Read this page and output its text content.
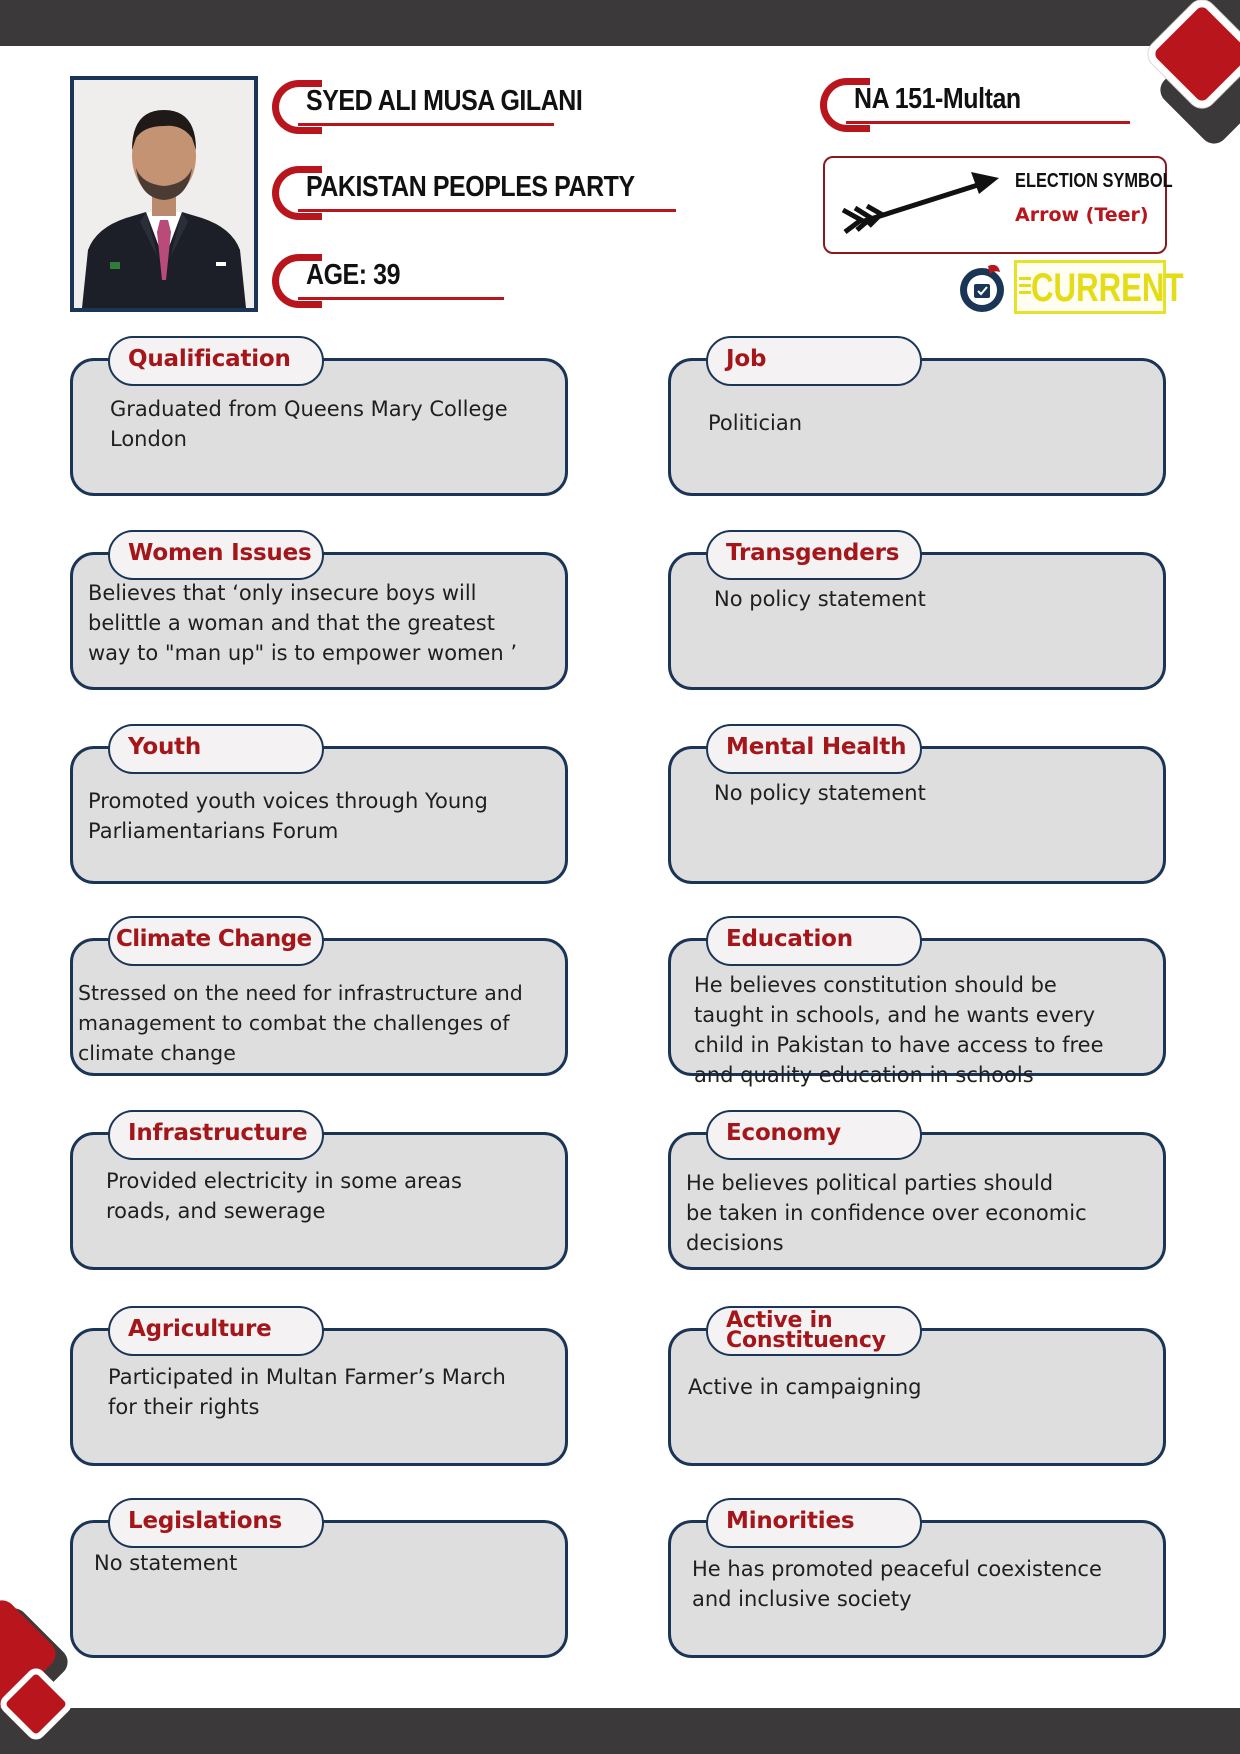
SYED ALI MUSA GILANI
PAKISTAN PEOPLES PARTY
AGE: 39
NA 151-Multan
ELECTION SYMBOL
Arrow (Teer)
CURRENT
Qualification
Graduated from Queens Mary College
London
Job
Politician
Women Issues
Believes that ‘only insecure boys will
belittle a woman and that the greatest
way to "man up" is to empower women ’
Transgenders
No policy statement
Youth
Promoted youth voices through Young
Parliamentarians Forum
Mental Health
No policy statement
Climate Change
Stressed on the need for infrastructure and
management to combat the challenges of
climate change
Education
He believes constitution should be
taught in schools, and he wants every
child in Pakistan to have access to free
and quality education in schools
Infrastructure
Provided electricity in some areas
roads, and sewerage
Economy
He believes political parties should
be taken in confidence over economic
decisions
Agriculture
Participated in Multan Farmer’s March
for their rights
Active in Constituency
Active in campaigning
Legislations
No statement
Minorities
He has promoted peaceful coexistence
and inclusive society
